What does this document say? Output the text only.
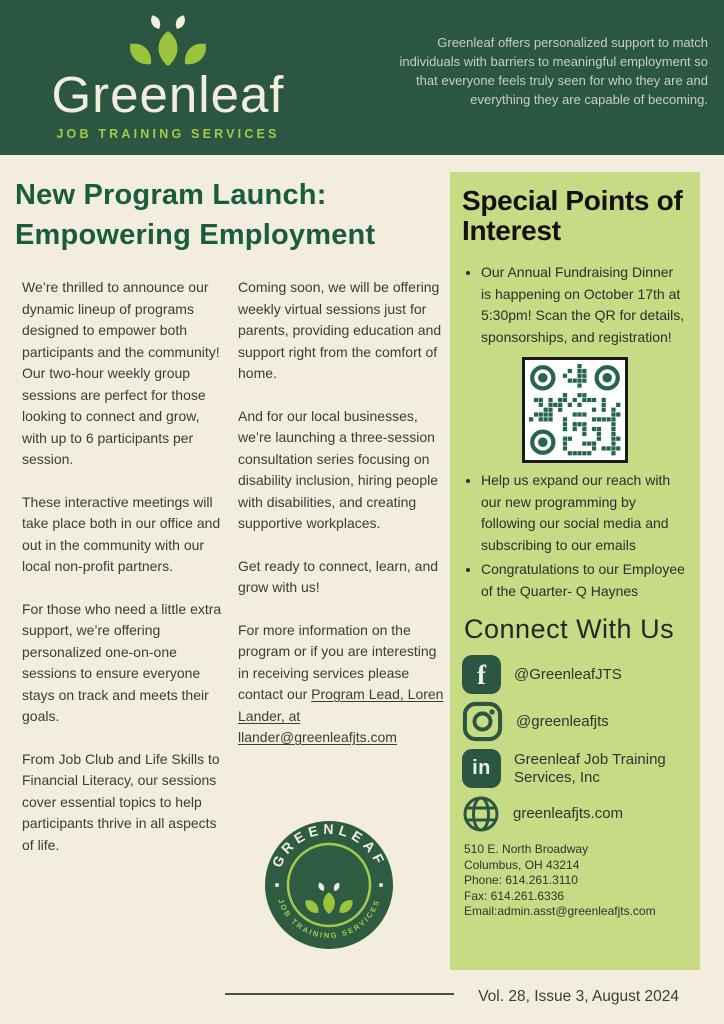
Greenleaf
JOB TRAINING SERVICES
Greenleaf offers personalized support to match individuals with barriers to meaningful employment so that everyone feels truly seen for who they are and everything they are capable of becoming.
New Program Launch: Empowering Employment

We’re thrilled to announce our dynamic lineup of programs designed to empower both participants and the community! Our two-hour weekly group sessions are perfect for those looking to connect and grow, with up to 6 participants per session.

These interactive meetings will take place both in our office and out in the community with our local non-profit partners.

For those who need a little extra support, we’re offering personalized one-on-one sessions to ensure everyone stays on track and meets their goals.

From Job Club and Life Skills to Financial Literacy, our sessions cover essential topics to help participants thrive in all aspects of life.

Coming soon, we will be offering weekly virtual sessions just for parents, providing education and support right from the comfort of home.

And for our local businesses, we’re launching a three-session consultation series focusing on disability inclusion, hiring people with disabilities, and creating supportive workplaces.

Get ready to connect, learn, and grow with us!

For more information on the program or if you are interesting in receiving services please contact our Program Lead, Loren Lander, at llander@greenleafjts.com

GREENLEAF
JOB TRAINING SERVICES
Special Points of Interest
• Our Annual Fundraising Dinner is happening on October 17th at 5:30pm! Scan the QR for details, sponsorships, and registration!
• Help us expand our reach with our new programming by following our social media and subscribing to our emails
• Congratulations to our Employee of the Quarter- Q Haynes
Connect With Us
f @GreenleafJTS
@greenleafjts
in Greenleaf Job Training Services, Inc
greenleafjts.com
510 E. North Broadway
Columbus, OH 43214
Phone: 614.261.3110
Fax: 614.261.6336
Email:admin.asst@greenleafjts.com
Vol. 28, Issue 3, August 2024
